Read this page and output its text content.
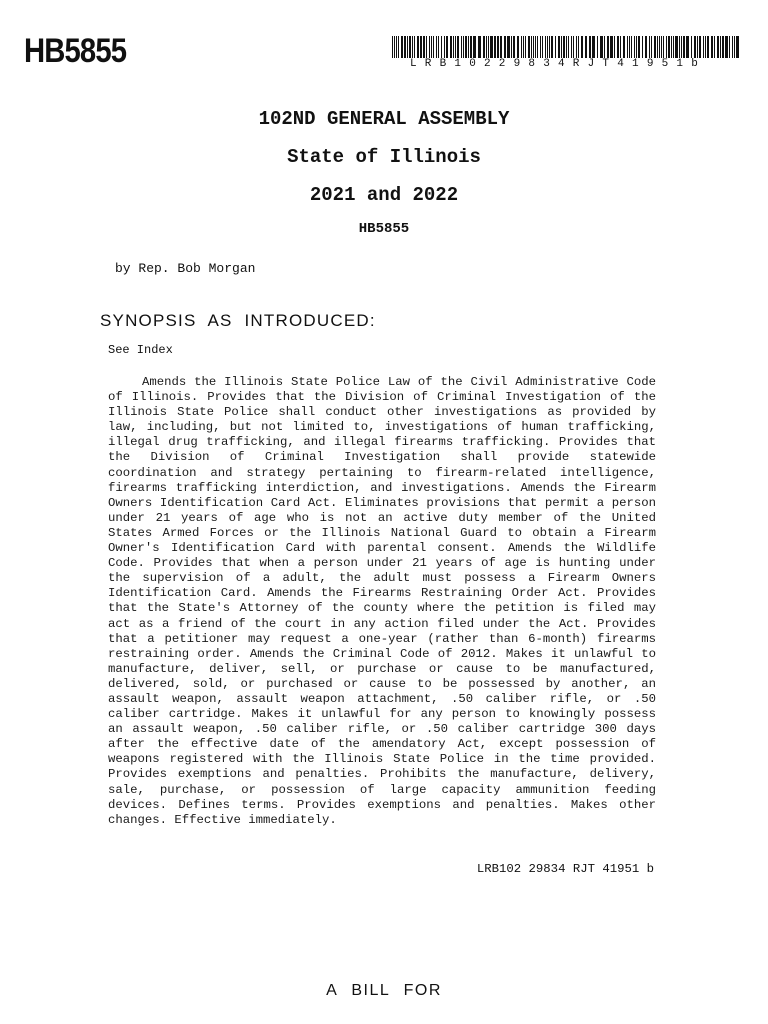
HB5855	LRB10229834RJT41951b

102ND GENERAL ASSEMBLY

State of Illinois

2021 and 2022

HB5855

by Rep. Bob Morgan

SYNOPSIS AS INTRODUCED:

See Index

Amends the Illinois State Police Law of the Civil Administrative Code of Illinois. Provides that the Division of Criminal Investigation of the Illinois State Police shall conduct other investigations as provided by law, including, but not limited to, investigations of human trafficking, illegal drug trafficking, and illegal firearms trafficking. Provides that the Division of Criminal Investigation shall provide statewide coordination and strategy pertaining to firearm-related intelligence, firearms trafficking interdiction, and investigations. Amends the Firearm Owners Identification Card Act. Eliminates provisions that permit a person under 21 years of age who is not an active duty member of the United States Armed Forces or the Illinois National Guard to obtain a Firearm Owner's Identification Card with parental consent. Amends the Wildlife Code. Provides that when a person under 21 years of age is hunting under the supervision of a adult, the adult must possess a Firearm Owners Identification Card. Amends the Firearms Restraining Order Act. Provides that the State's Attorney of the county where the petition is filed may act as a friend of the court in any action filed under the Act. Provides that a petitioner may request a one-year (rather than 6-month) firearms restraining order. Amends the Criminal Code of 2012. Makes it unlawful to manufacture, deliver, sell, or purchase or cause to be manufactured, delivered, sold, or purchased or cause to be possessed by another, an assault weapon, assault weapon attachment, .50 caliber rifle, or .50 caliber cartridge. Makes it unlawful for any person to knowingly possess an assault weapon, .50 caliber rifle, or .50 caliber cartridge 300 days after the effective date of the amendatory Act, except possession of weapons registered with the Illinois State Police in the time provided. Provides exemptions and penalties. Prohibits the manufacture, delivery, sale, purchase, or possession of large capacity ammunition feeding devices. Defines terms. Provides exemptions and penalties. Makes other changes. Effective immediately.

LRB102 29834 RJT 41951 b

A BILL FOR
